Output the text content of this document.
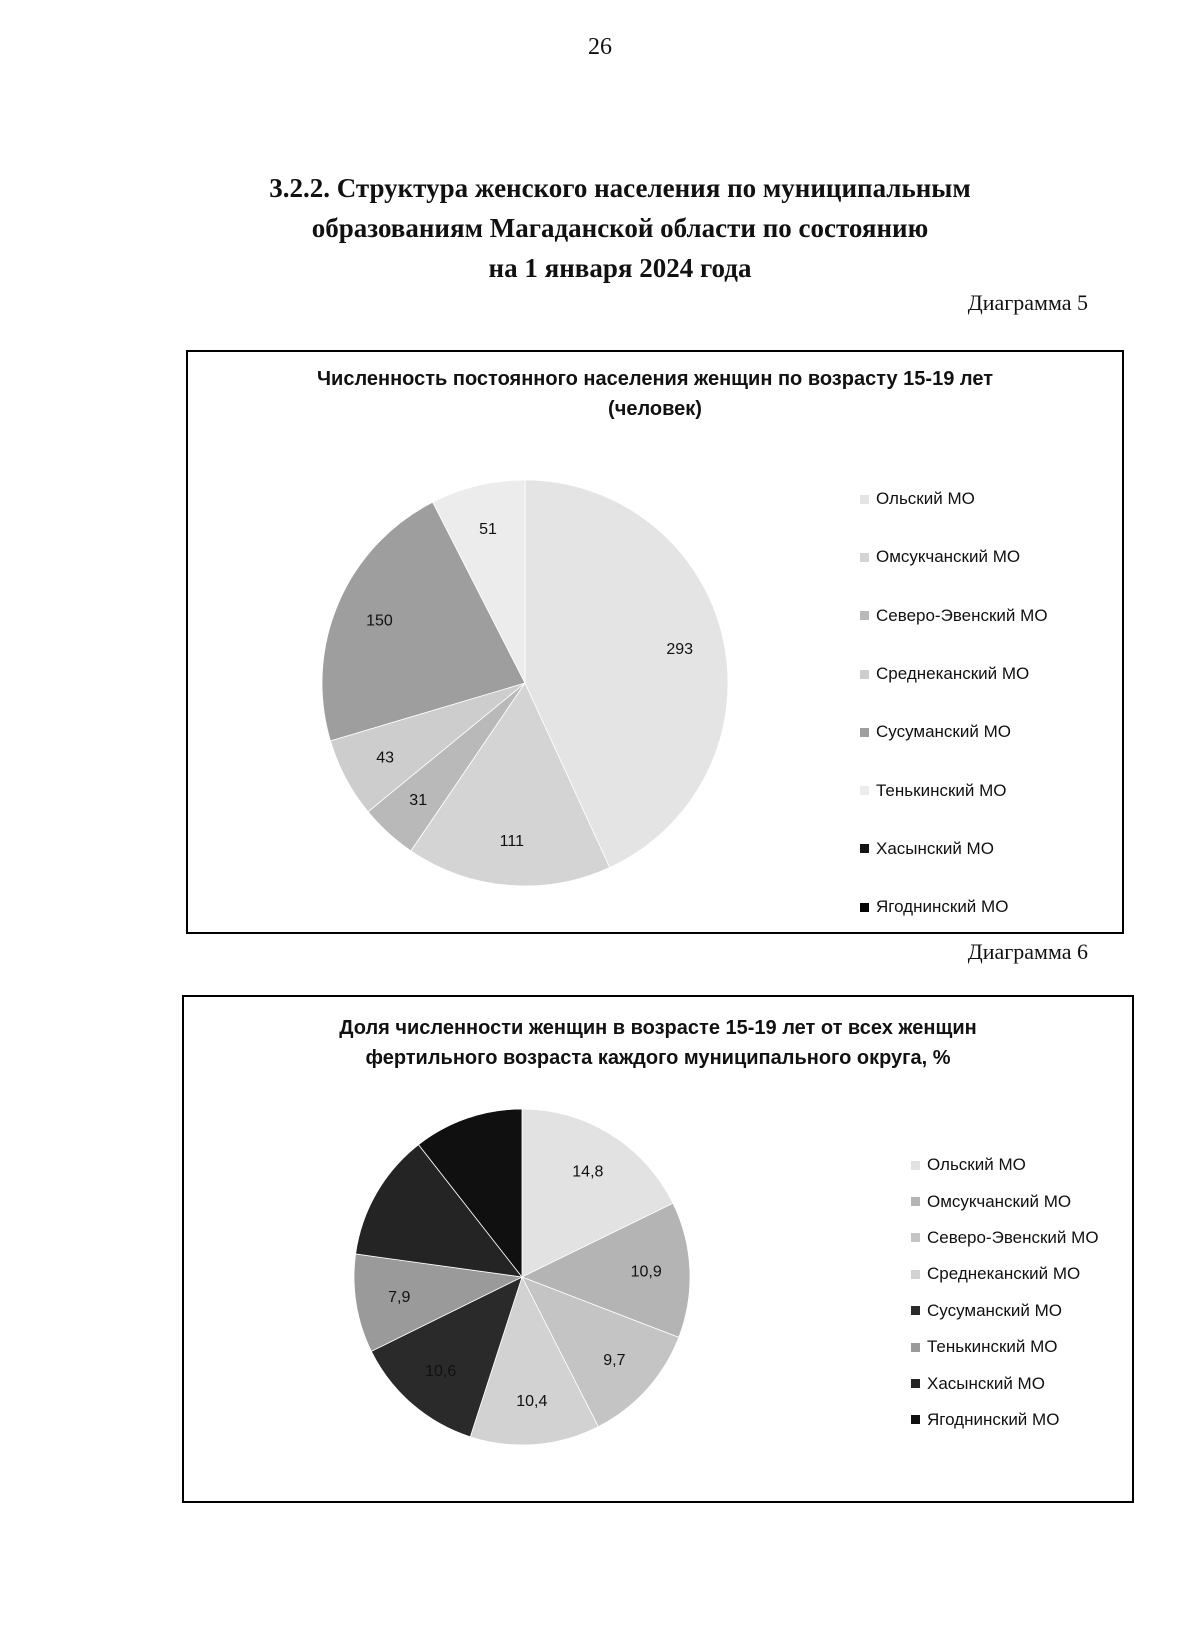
26
3.2.2. Структура женского населения по муниципальным
образованиям Магаданской области по состоянию
на 1 января 2024 года
Диаграмма 5
Численность постоянного населения женщин по возрасту 15-19 лет
(человек)
293
111
31
43
150
51
Ольский МО
Омсукчанский МО
Северо-Эвенский МО
Среднеканский МО
Сусуманский МО
Тенькинский МО
Хасынский МО
Ягоднинский МО
Диаграмма 6
Доля численности женщин в возрасте 15-19 лет от всех женщин
фертильного возраста каждого муниципального округа, %
14,8
10,9
9,7
10,4
10,6
7,9
Ольский МО
Омсукчанский МО
Северо-Эвенский МО
Среднеканский МО
Сусуманский МО
Тенькинский МО
Хасынский МО
Ягоднинский МО
